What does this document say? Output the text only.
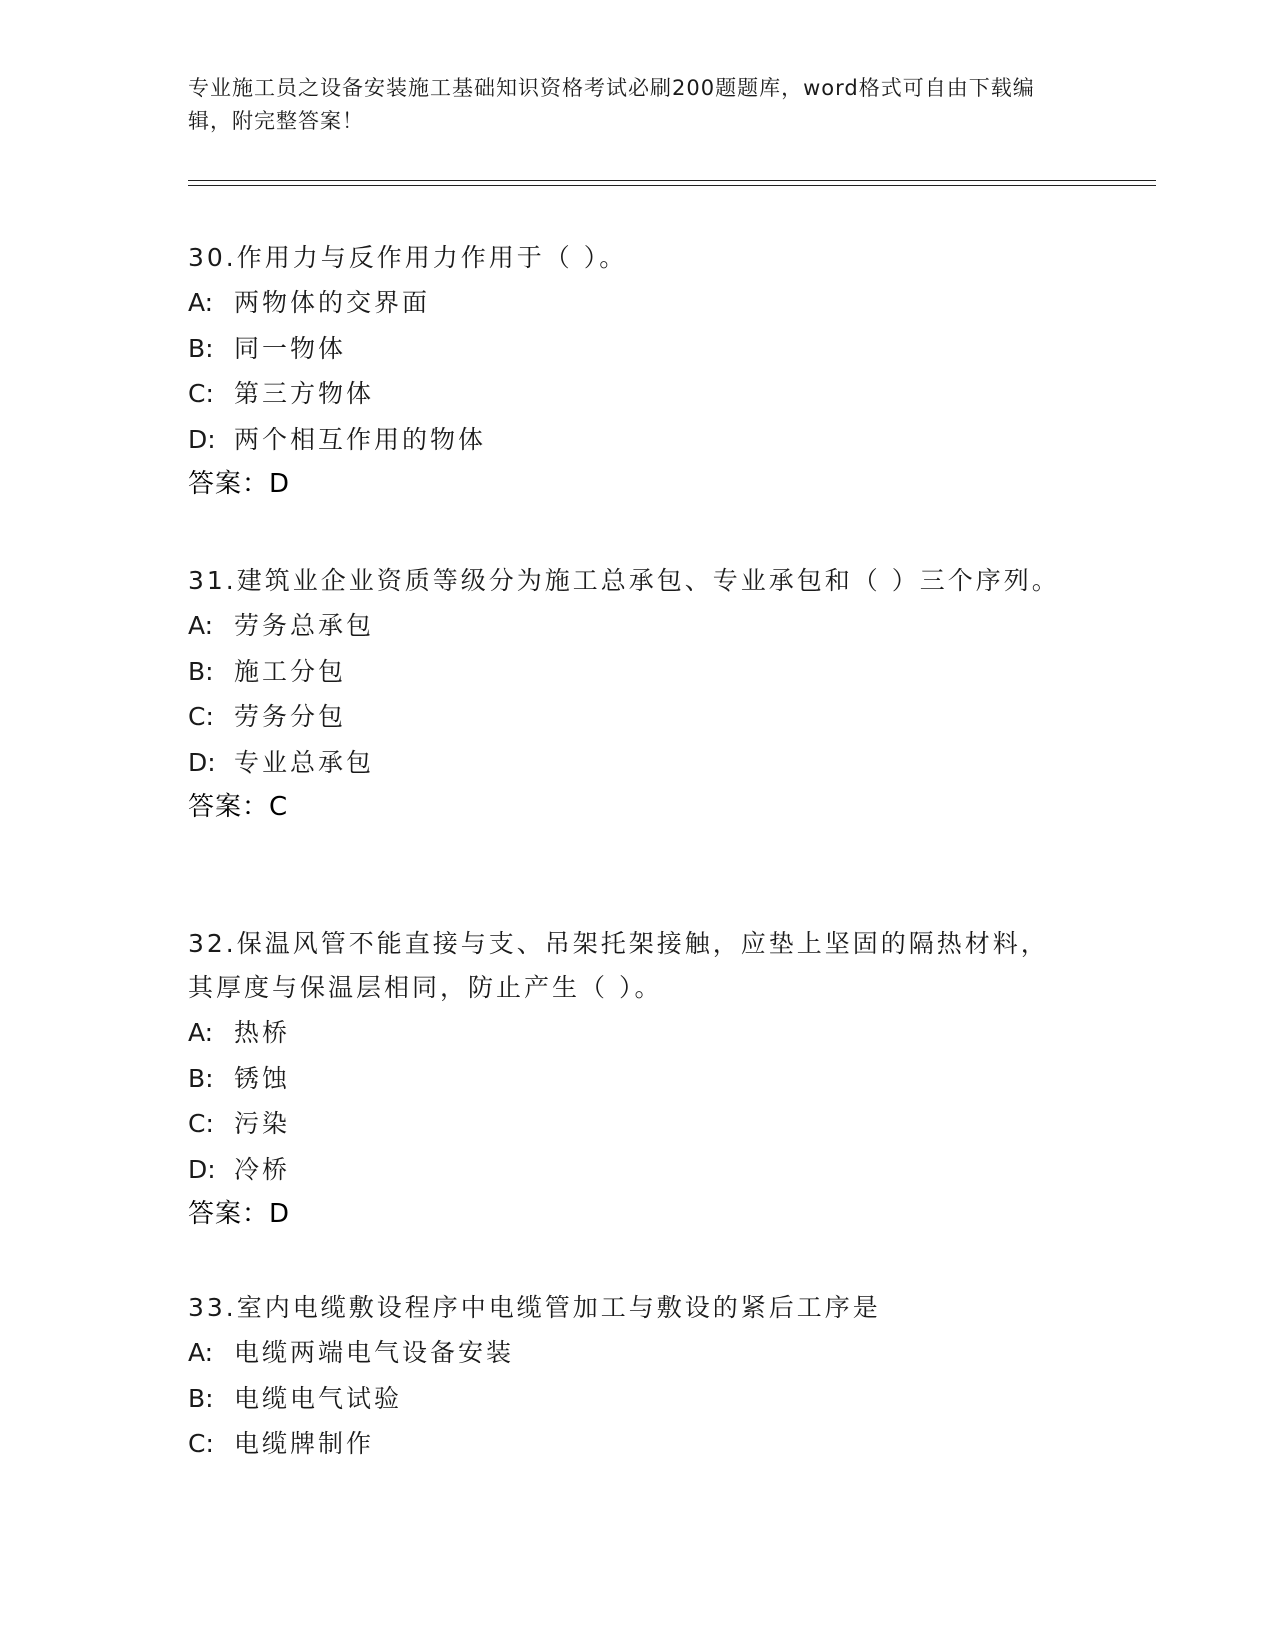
专业施工员之设备安装施工基础知识资格考试必刷200题题库，word格式可自由下载编辑，附完整答案！

30.作用力与反作用力作用于（ ）。

A: 两物体的交界面

B: 同一物体

C: 第三方物体

D: 两个相互作用的物体

答案：D

31.建筑业企业资质等级分为施工总承包、专业承包和（ ）三个序列。

A: 劳务总承包

B: 施工分包

C: 劳务分包

D: 专业总承包

答案：C

32.保温风管不能直接与支、吊架托架接触，应垫上坚固的隔热材料，其厚度与保温层相同，防止产生（ ）。

A: 热桥

B: 锈蚀

C: 污染

D: 冷桥

答案：D

33.室内电缆敷设程序中电缆管加工与敷设的紧后工序是

A: 电缆两端电气设备安装

B: 电缆电气试验

C: 电缆牌制作
